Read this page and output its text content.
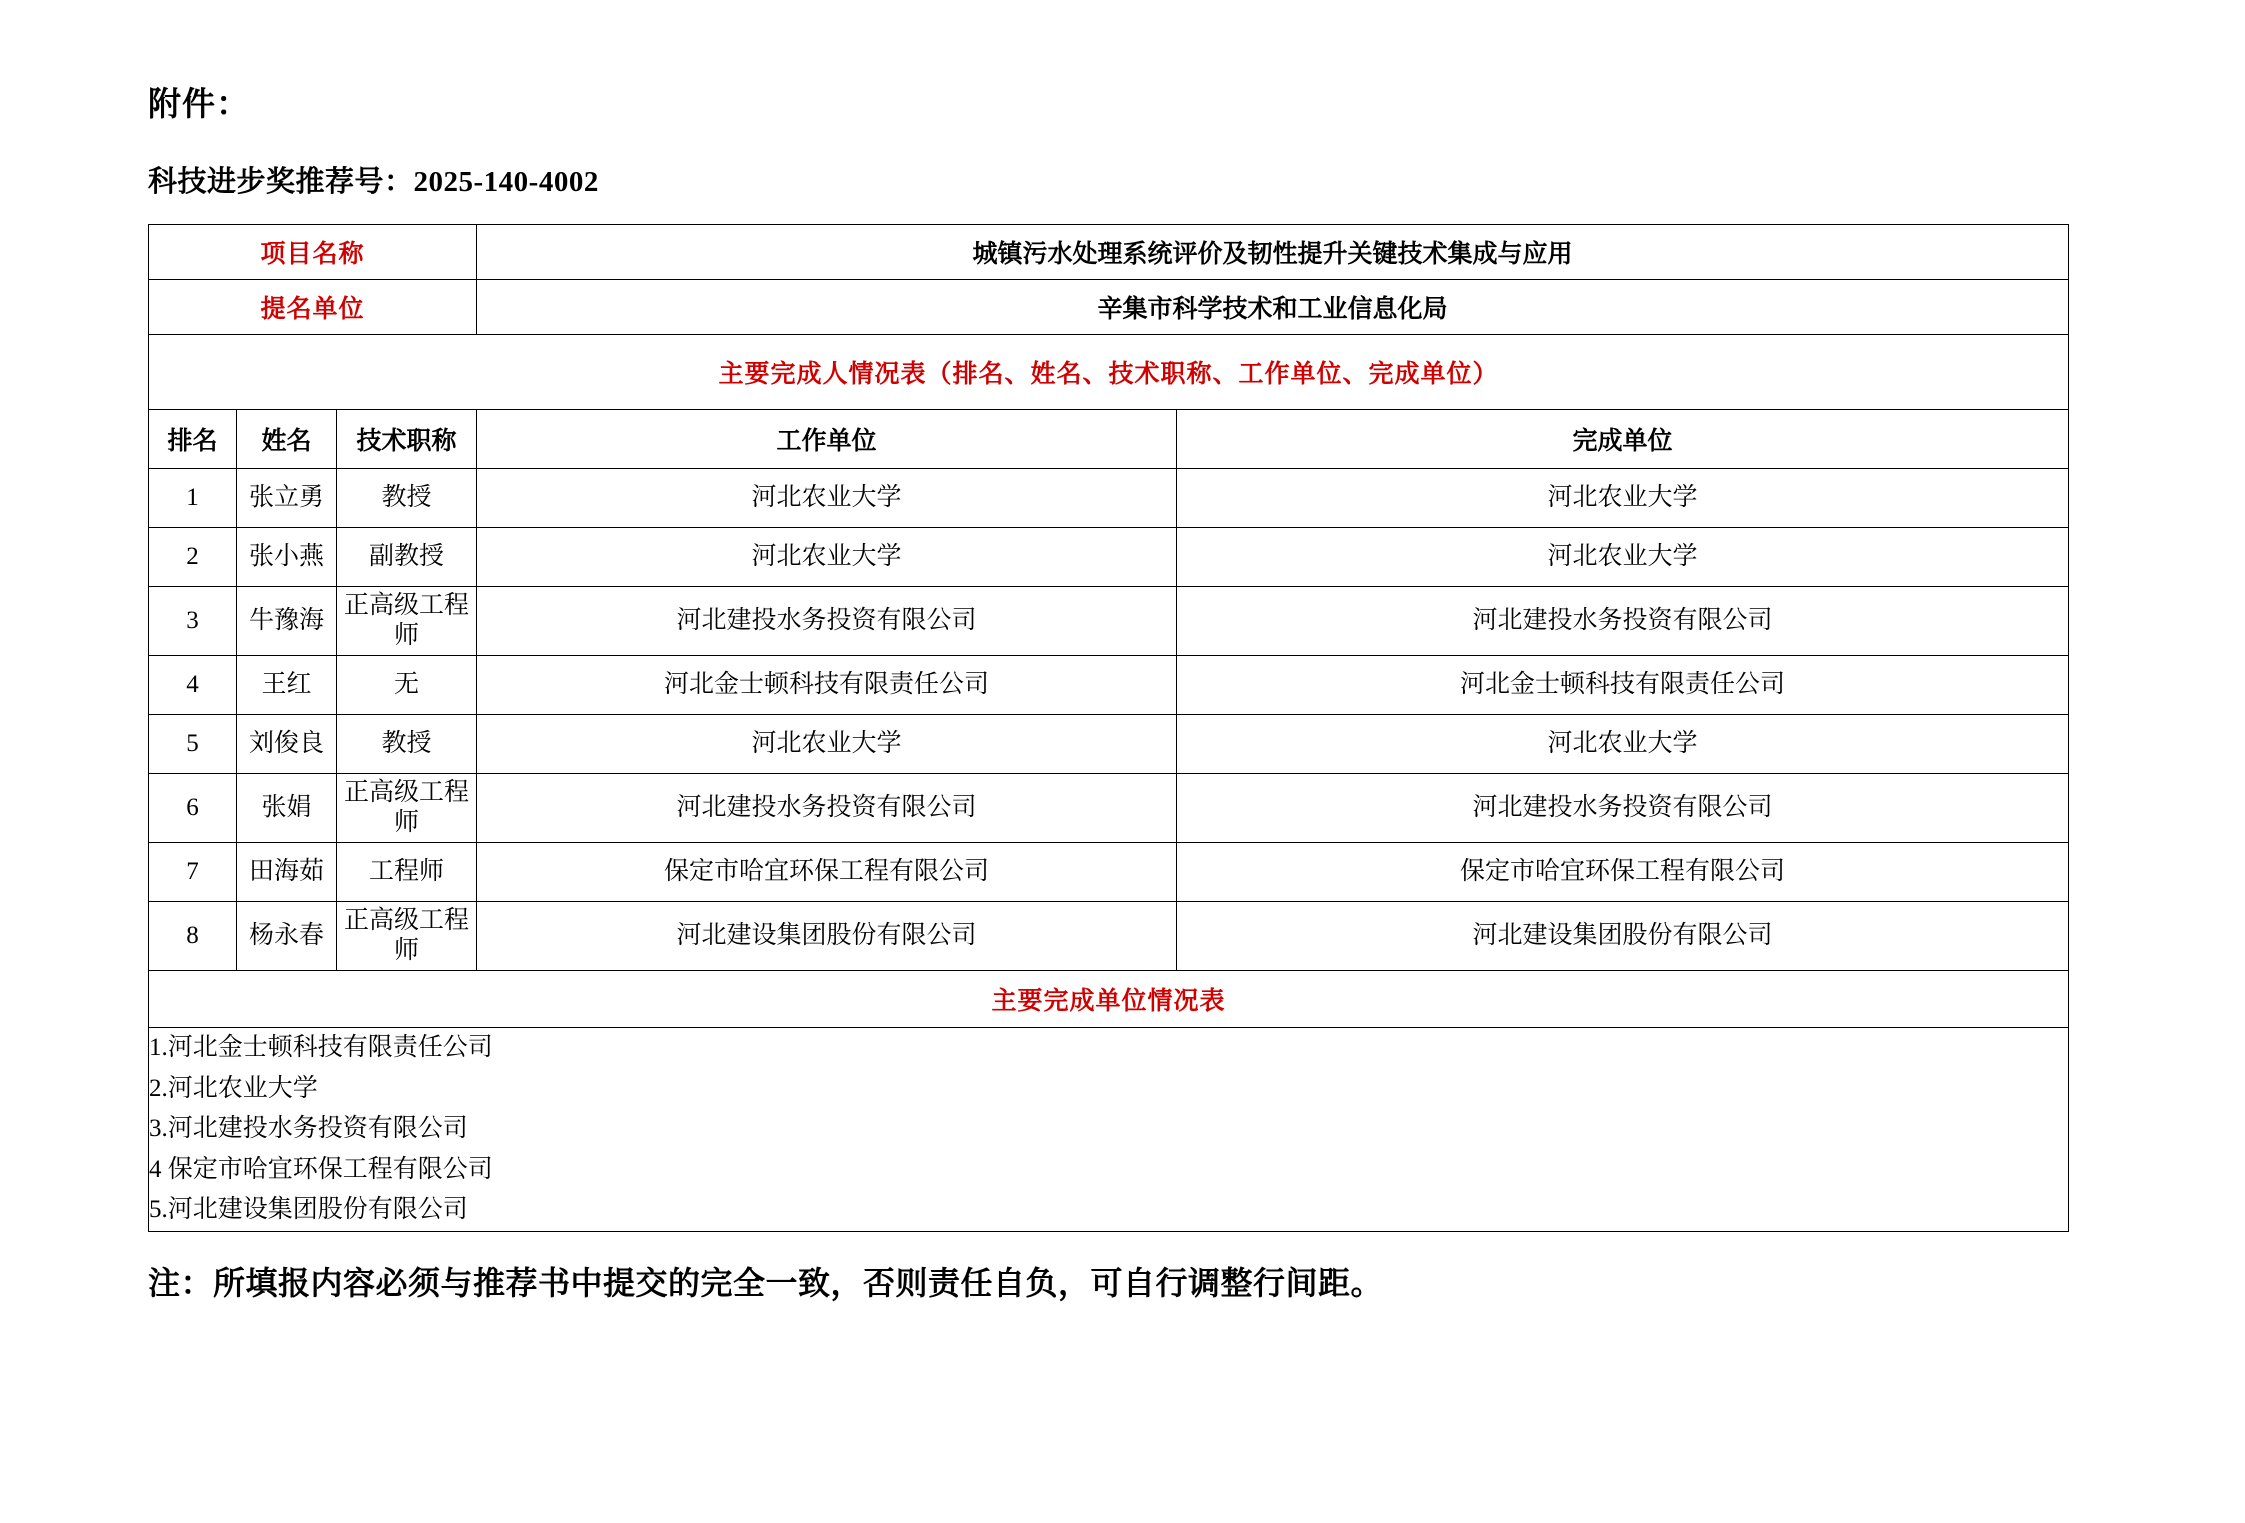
附件：
科技进步奖推荐号：2025-140-4002
项目名称			城镇污水处理系统评价及韧性提升关键技术集成与应用	
提名单位			辛集市科学技术和工业信息化局	
主要完成人情况表（排名、姓名、技术职称、工作单位、完成单位）				
排名	姓名	技术职称	工作单位	完成单位
1	张立勇	教授	河北农业大学	河北农业大学
2	张小燕	副教授	河北农业大学	河北农业大学
3	牛豫海	正高级工程师	河北建投水务投资有限公司	河北建投水务投资有限公司
4	王红	无	河北金士顿科技有限责任公司	河北金士顿科技有限责任公司
5	刘俊良	教授	河北农业大学	河北农业大学
6	张娟	正高级工程师	河北建投水务投资有限公司	河北建投水务投资有限公司
7	田海茹	工程师	保定市哈宜环保工程有限公司	保定市哈宜环保工程有限公司
8	杨永春	正高级工程师	河北建设集团股份有限公司	河北建设集团股份有限公司
主要完成单位情况表				

1.河北金士顿科技有限责任公司
2.河北农业大学
3.河北建投水务投资有限公司
4 保定市哈宜环保工程有限公司
5.河北建设集团股份有限公司				
注：所填报内容必须与推荐书中提交的完全一致，否则责任自负，可自行调整行间距。
